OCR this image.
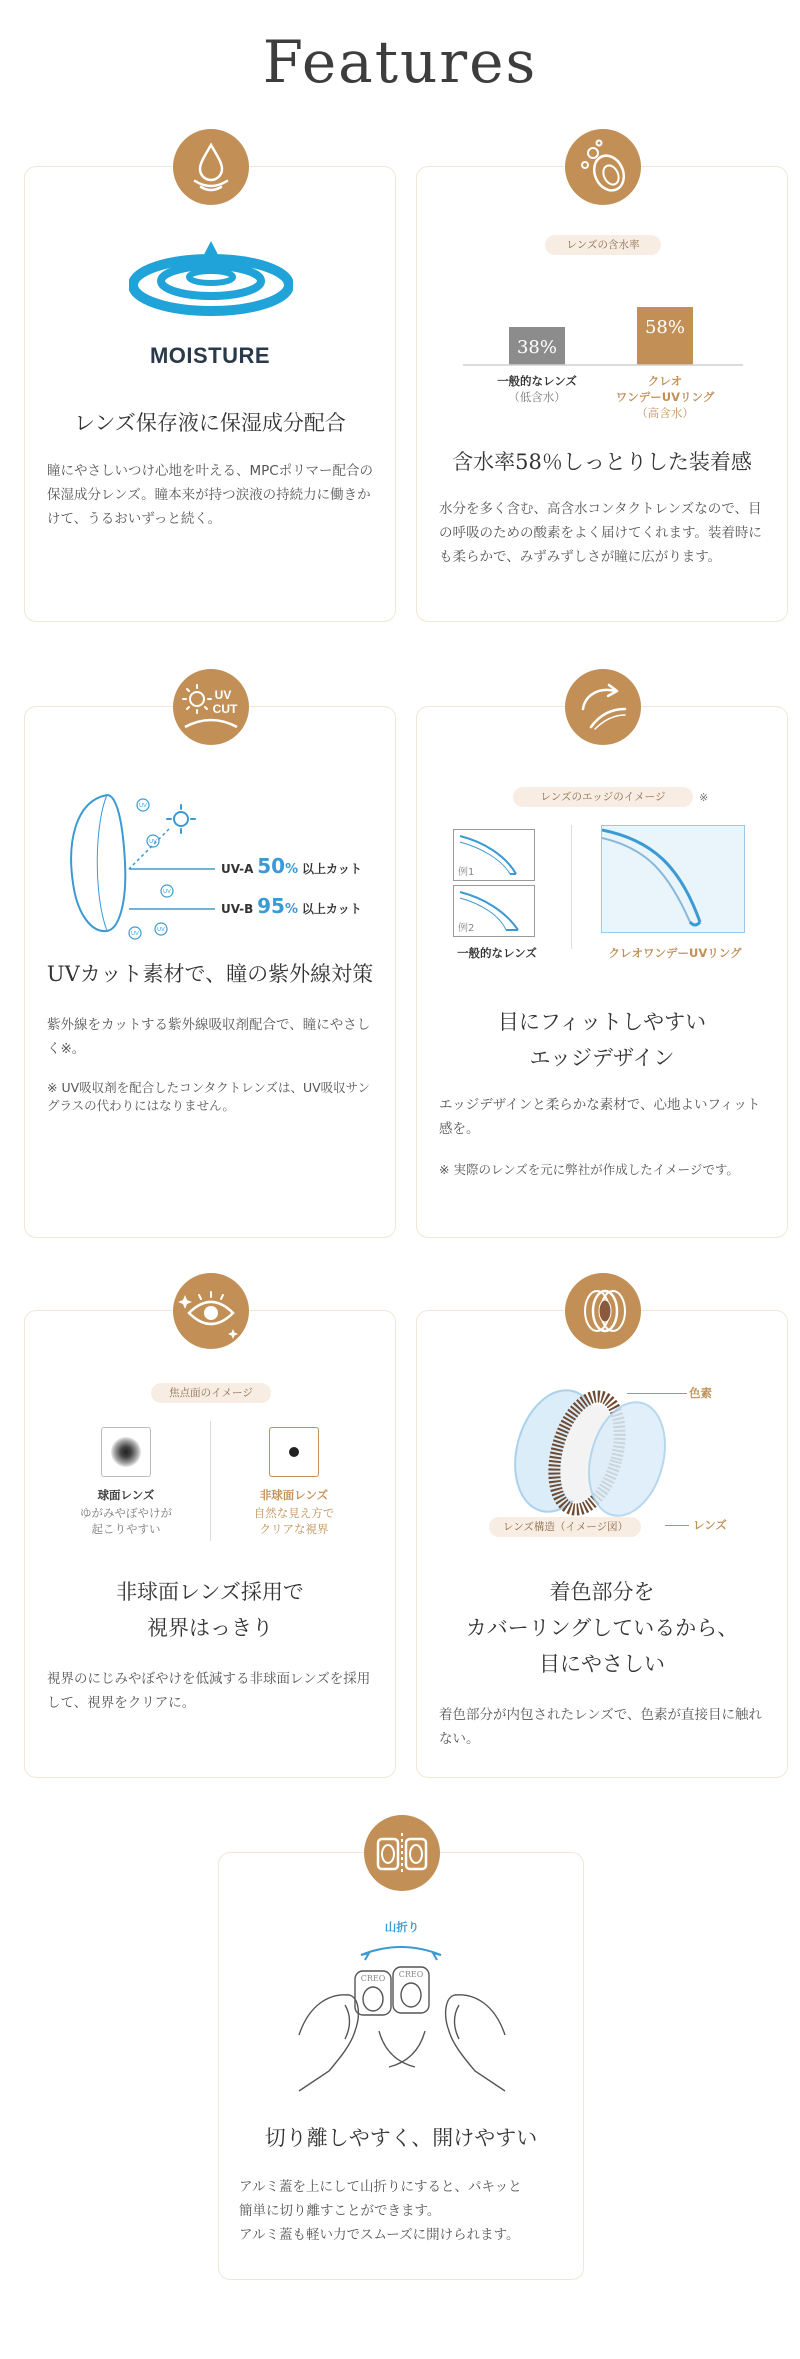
Features
MOISTURE
レンズ保存液に保湿成分配合
瞳にやさしいつけ心地を叶える、MPCポリマー配合の保湿成分レンズ。瞳本来が持つ涙液の持続力に働きかけて、うるおいずっと続く。
レンズの含水率
38%
58%
一般的なレンズ
（低含水）
クレオ
ワンデーUVリング
（高含水）
含水率58％しっとりした装着感
水分を多く含む、高含水コンタクトレンズなので、目の呼吸のための酸素をよく届けてくれます。装着時にも柔らかで、みずみずしさが瞳に広がります。
UV
CUT
UV
UV
UV
UV
UV
UV-A 50% 以上カット
UV-B 95% 以上カット
UVカット素材で、瞳の紫外線対策
紫外線をカットする紫外線吸収剤配合で、瞳にやさしく※。
※ UV吸収剤を配合したコンタクトレンズは、UV吸収サングラスの代わりにはなりません。
レンズのエッジのイメージ	※
例1
例2
一般的なレンズ	クレオワンデーUVリング
目にフィットしやすい
エッジデザイン
エッジデザインと柔らかな素材で、心地よいフィット感を。
※ 実際のレンズを元に弊社が作成したイメージです。
焦点面のイメージ
球面レンズ
ゆがみやぼやけが
起こりやすい
非球面レンズ
自然な見え方で
クリアな視界
非球面レンズ採用で
視界はっきり
視界のにじみやぼやけを低減する非球面レンズを採用して、視界をクリアに。
色素
レンズ
レンズ構造（イメージ図）
着色部分を
カバーリングしているから、
目にやさしい
着色部分が内包されたレンズで、色素が直接目に触れない。
山折り
CREO CREO
切り離しやすく、開けやすい
アルミ蓋を上にして山折りにすると、パキッと
簡単に切り離すことができます。
アルミ蓋も軽い力でスムーズに開けられます。
